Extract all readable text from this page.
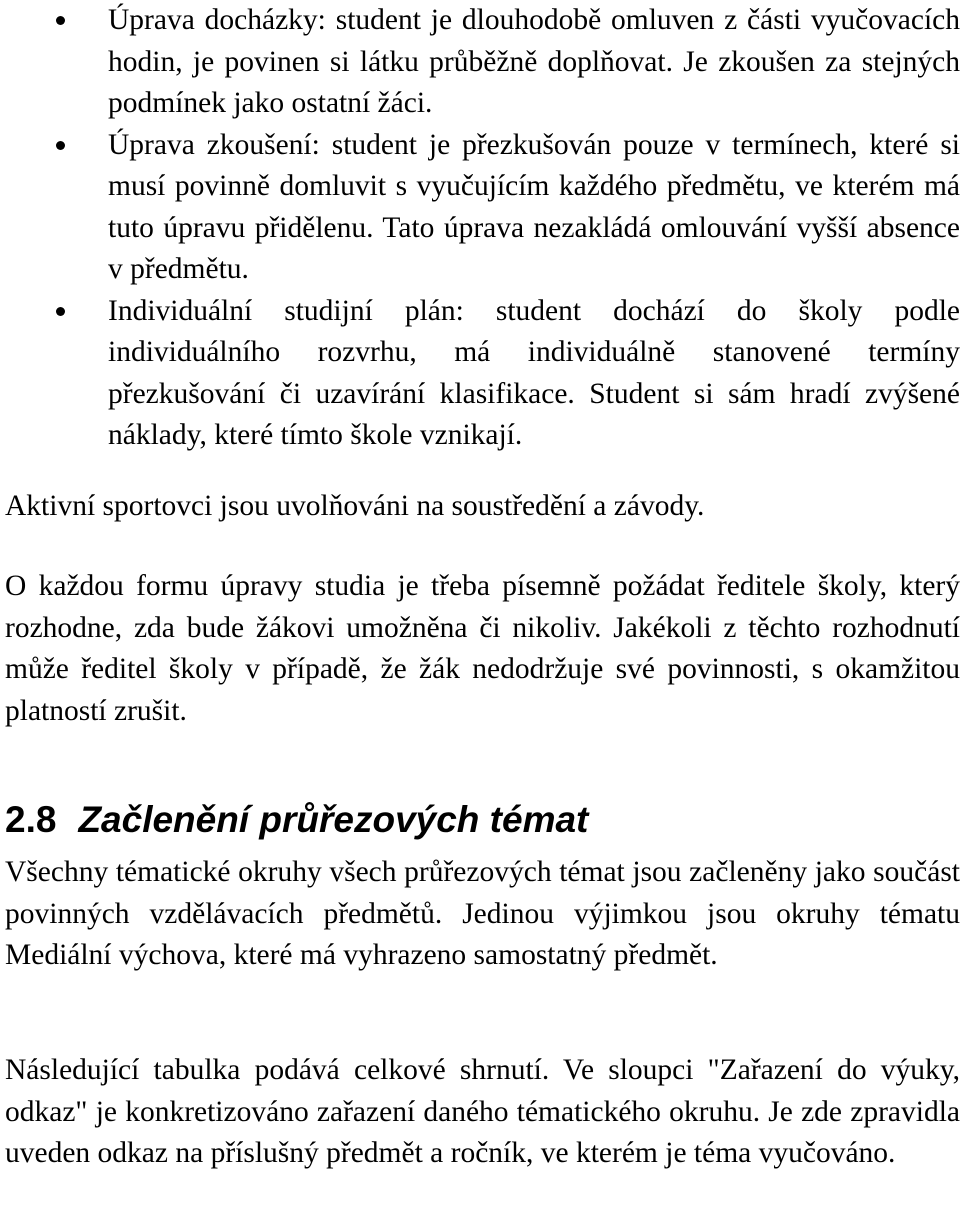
Úprava docházky: student je dlouhodobě omluven z části vyučovacích hodin, je povinen si látku průběžně doplňovat. Je zkoušen za stejných podmínek jako ostatní žáci.
Úprava zkoušení: student je přezkušován pouze v termínech, které si musí povinně domluvit s vyučujícím každého předmětu, ve kterém má tuto úpravu přidělenu. Tato úprava nezakládá omlouvání vyšší absence v předmětu.
Individuální studijní plán: student dochází do školy podle individuálního rozvrhu, má individuálně stanovené termíny přezkušování či uzavírání klasifikace. Student si sám hradí zvýšené náklady, které tímto škole vznikají.

Aktivní sportovci jsou uvolňováni na soustředění a závody.

O každou formu úpravy studia je třeba písemně požádat ředitele školy, který rozhodne, zda bude žákovi umožněna či nikoliv. Jakékoli z těchto rozhodnutí může ředitel školy v případě, že žák nedodržuje své povinnosti, s okamžitou platností zrušit.

2.8 Začlenění průřezových témat

Všechny tématické okruhy všech průřezových témat jsou začleněny jako součást povinných vzdělávacích předmětů. Jedinou výjimkou jsou okruhy tématu Mediální výchova, které má vyhrazeno samostatný předmět.

Následující tabulka podává celkové shrnutí. Ve sloupci "Zařazení do výuky, odkaz" je konkretizováno zařazení daného tématického okruhu. Je zde zpravidla uveden odkaz na příslušný předmět a ročník, ve kterém je téma vyučováno.
